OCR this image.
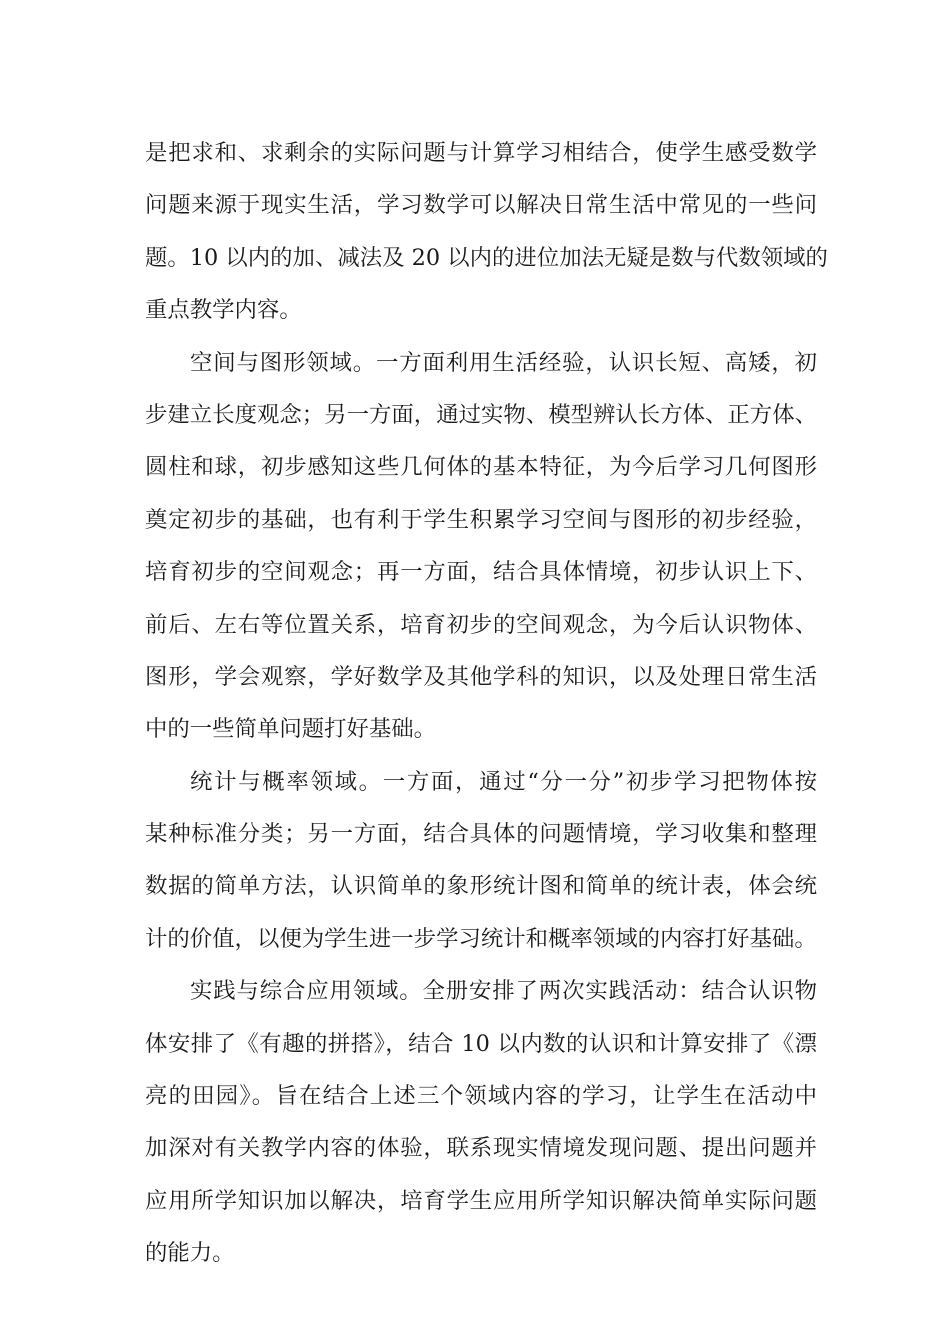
是把求和、求剩余的实际问题与计算学习相结合，使学生感受数学
问题来源于现实生活，学习数学可以解决日常生活中常见的一些问
题。10 以内的加、减法及 20 以内的进位加法无疑是数与代数领域的
重点教学内容。
空间与图形领域。一方面利用生活经验，认识长短、高矮，初
步建立长度观念；另一方面，通过实物、模型辨认长方体、正方体、
圆柱和球，初步感知这些几何体的基本特征，为今后学习几何图形
奠定初步的基础，也有利于学生积累学习空间与图形的初步经验，
培育初步的空间观念；再一方面，结合具体情境，初步认识上下、
前后、左右等位置关系，培育初步的空间观念，为今后认识物体、
图形，学会观察，学好数学及其他学科的知识，以及处理日常生活
中的一些简单问题打好基础。
统计与概率领域。一方面，通过“分一分”初步学习把物体按
某种标准分类；另一方面，结合具体的问题情境，学习收集和整理
数据的简单方法，认识简单的象形统计图和简单的统计表，体会统
计的价值，以便为学生进一步学习统计和概率领域的内容打好基础。
实践与综合应用领域。全册安排了两次实践活动：结合认识物
体安排了《有趣的拼搭》，结合 10 以内数的认识和计算安排了《漂
亮的田园》。旨在结合上述三个领域内容的学习，让学生在活动中
加深对有关教学内容的体验，联系现实情境发现问题、提出问题并
应用所学知识加以解决，培育学生应用所学知识解决简单实际问题
的能力。
